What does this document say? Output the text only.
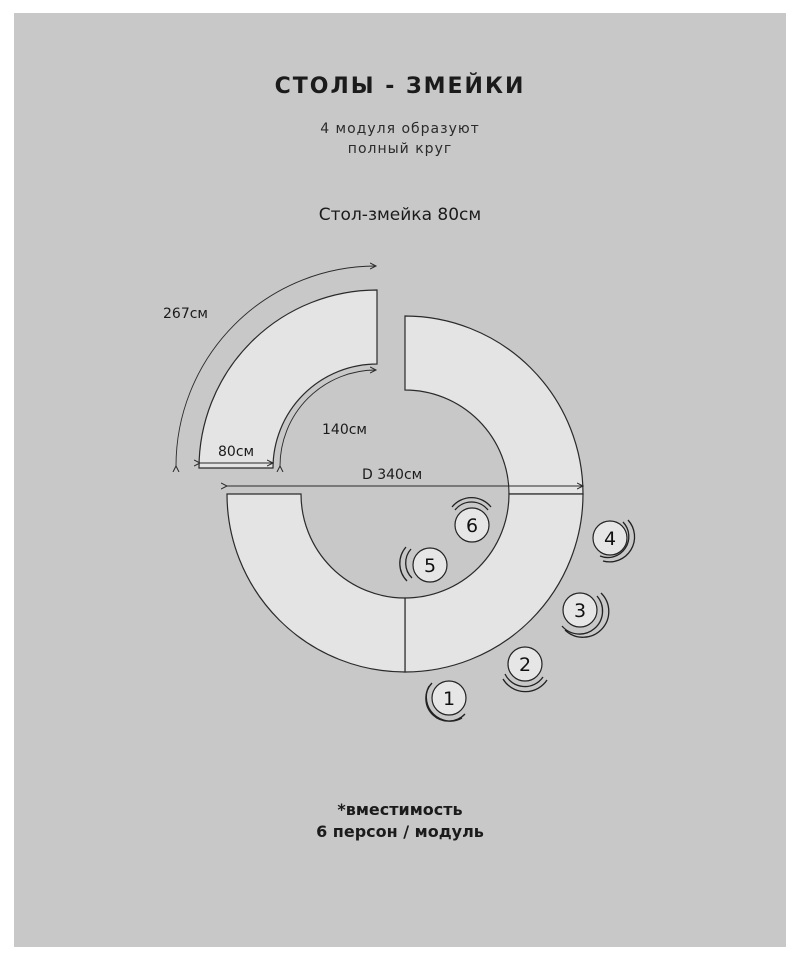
СТОЛЫ - ЗМЕЙКИ
4 модуля образуют
полный круг
Стол-змейка 80см
267см
80см
140см
D 340см
1
2
3
4
5
6
*вместимость
6 персон / модуль
